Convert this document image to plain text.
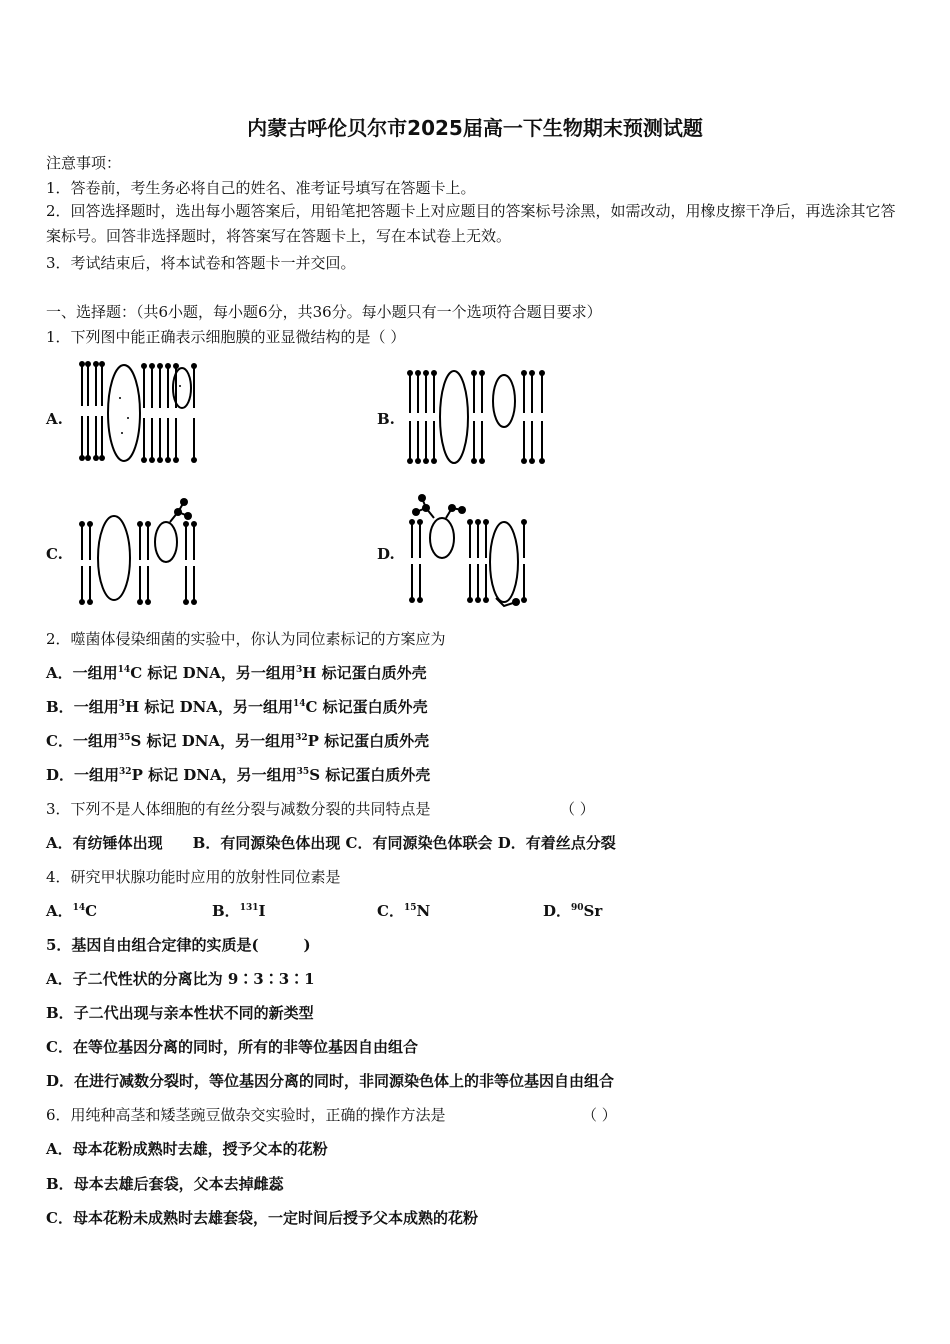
内蒙古呼伦贝尔市2025届高一下生物期末预测试题
注意事项：
1．答卷前，考生务必将自己的姓名、准考证号填写在答题卡上。
2．回答选择题时，选出每小题答案后，用铅笔把答题卡上对应题目的答案标号涂黑，如需改动，用橡皮擦干净后，再选涂其它答案标号。回答非选择题时，将答案写在答题卡上，写在本试卷上无效。
3．考试结束后，将本试卷和答题卡一并交回。
一、选择题：（共6小题，每小题6分，共36分。每小题只有一个选项符合题目要求）
1．下列图中能正确表示细胞膜的亚显微结构的是（ ）
A.	B.
C.	D.
2．噬菌体侵染细菌的实验中，你认为同位素标记的方案应为
A．一组用$^{14}$C 标记 DNA，另一组用$^3$H 标记蛋白质外壳
B．一组用$^3$H 标记 DNA，另一组用$^{14}$C 标记蛋白质外壳
C．一组用$^{35}$S 标记 DNA，另一组用$^{32}$P 标记蛋白质外壳
D．一组用$^{32}$P 标记 DNA，另一组用$^{35}$S 标记蛋白质外壳
3．下列不是人体细胞的有丝分裂与减数分裂的共同特点是	（ ）
A．有纺锤体出现　　B．有同源染色体出现 C．有同源染色体联会 D．有着丝点分裂
4．研究甲状腺功能时应用的放射性同位素是
A．$^{14}$C	B．$^{131}$I	C．$^{15}$N	D．$^{90}$Sr
5．基因自由组合定律的实质是(　　　)
A．子二代性状的分离比为 9∶3∶3∶1
B．子二代出现与亲本性状不同的新类型
C．在等位基因分离的同时，所有的非等位基因自由组合
D．在进行减数分裂时，等位基因分离的同时，非同源染色体上的非等位基因自由组合
6．用纯种高茎和矮茎豌豆做杂交实验时，正确的操作方法是	（ ）
A．母本花粉成熟时去雄，授予父本的花粉
B．母本去雄后套袋，父本去掉雌蕊
C．母本花粉未成熟时去雄套袋，一定时间后授予父本成熟的花粉
